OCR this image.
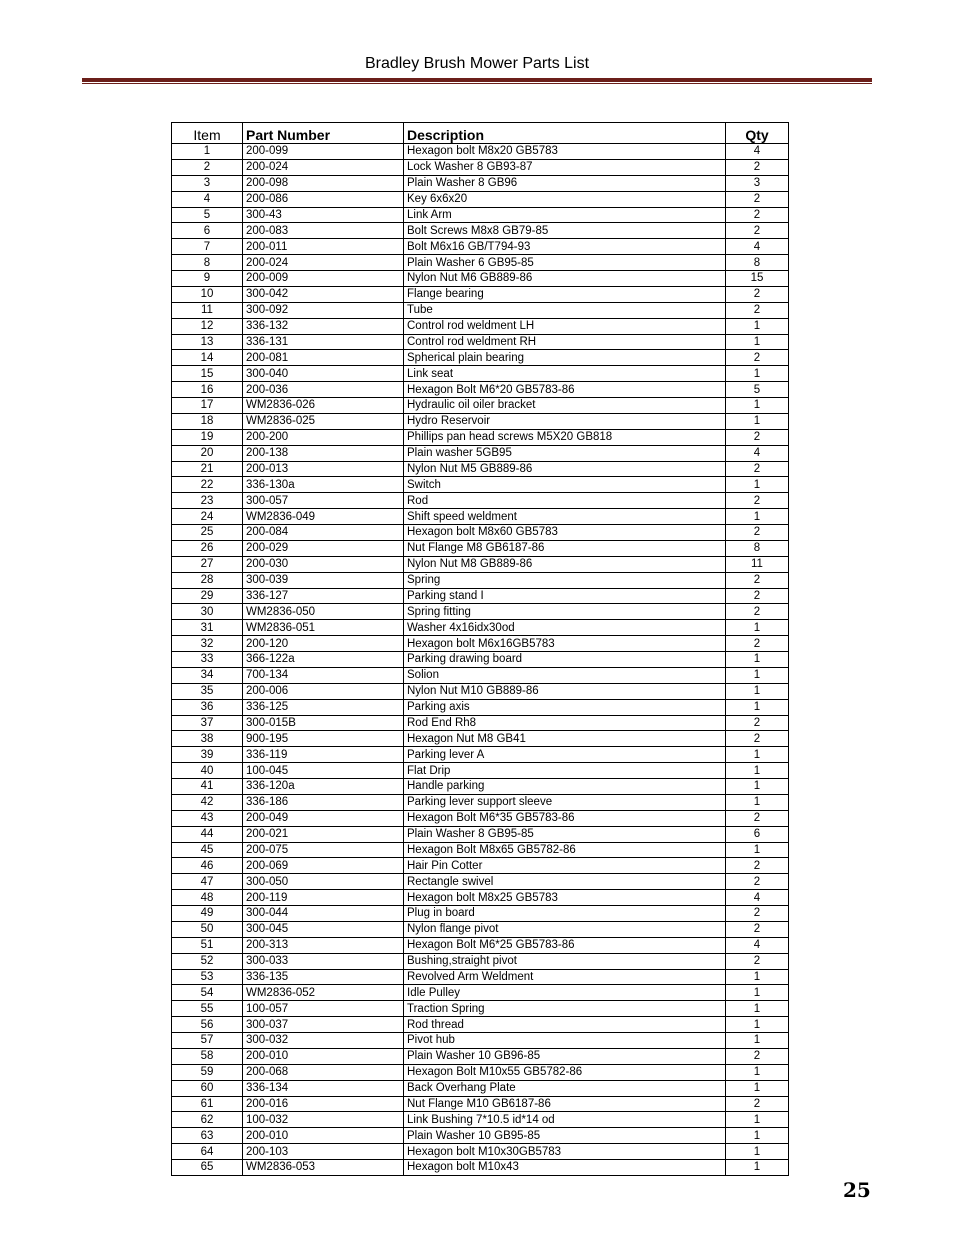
Bradley Brush Mower Parts List
Item	Part Number	Description	Qty
1	200-099	Hexagon bolt M8x20 GB5783	4
2	200-024	Lock Washer 8 GB93-87	2
3	200-098	Plain Washer 8 GB96	3
4	200-086	Key 6x6x20	2
5	300-43	Link Arm	2
6	200-083	Bolt Screws M8x8 GB79-85	2
7	200-011	Bolt M6x16 GB/T794-93	4
8	200-024	Plain Washer 6 GB95-85	8
9	200-009	Nylon Nut M6 GB889-86	15
10	300-042	Flange bearing	2
11	300-092	Tube	2
12	336-132	Control rod weldment LH	1
13	336-131	Control rod weldment RH	1
14	200-081	Spherical plain bearing	2
15	300-040	Link seat	1
16	200-036	Hexagon Bolt M6*20 GB5783-86	5
17	WM2836-026	Hydraulic oil oiler bracket	1
18	WM2836-025	Hydro Reservoir	1
19	200-200	Phillips pan head screws M5X20 GB818	2
20	200-138	Plain washer 5GB95	4
21	200-013	Nylon Nut M5 GB889-86	2
22	336-130a	Switch	1
23	300-057	Rod	2
24	WM2836-049	Shift speed weldment	1
25	200-084	Hexagon bolt M8x60 GB5783	2
26	200-029	Nut Flange M8 GB6187-86	8
27	200-030	Nylon Nut M8 GB889-86	11
28	300-039	Spring	2
29	336-127	Parking stand I	2
30	WM2836-050	Spring fitting	2
31	WM2836-051	Washer 4x16idx30od	1
32	200-120	Hexagon bolt M6x16GB5783	2
33	366-122a	Parking drawing board	1
34	700-134	Solion	1
35	200-006	Nylon Nut M10 GB889-86	1
36	336-125	Parking axis	1
37	300-015B	Rod End Rh8	2
38	900-195	Hexagon Nut M8 GB41	2
39	336-119	Parking lever A	1
40	100-045	Flat Drip	1
41	336-120a	Handle parking	1
42	336-186	Parking lever support sleeve	1
43	200-049	Hexagon Bolt M6*35 GB5783-86	2
44	200-021	Plain Washer 8 GB95-85	6
45	200-075	Hexagon Bolt M8x65 GB5782-86	1
46	200-069	Hair Pin Cotter	2
47	300-050	Rectangle swivel	2
48	200-119	Hexagon bolt M8x25 GB5783	4
49	300-044	Plug in board	2
50	300-045	Nylon flange pivot	2
51	200-313	Hexagon Bolt M6*25 GB5783-86	4
52	300-033	Bushing,straight pivot	2
53	336-135	Revolved Arm Weldment	1
54	WM2836-052	Idle Pulley	1
55	100-057	Traction Spring	1
56	300-037	Rod thread	1
57	300-032	Pivot hub	1
58	200-010	Plain Washer 10 GB96-85	2
59	200-068	Hexagon Bolt M10x55 GB5782-86	1
60	336-134	Back Overhang Plate	1
61	200-016	Nut Flange M10 GB6187-86	2
62	100-032	Link Bushing 7*10.5 id*14 od	1
63	200-010	Plain Washer 10 GB95-85	1
64	200-103	Hexagon bolt M10x30GB5783	1
65	WM2836-053	Hexagon bolt M10x43	1
25
